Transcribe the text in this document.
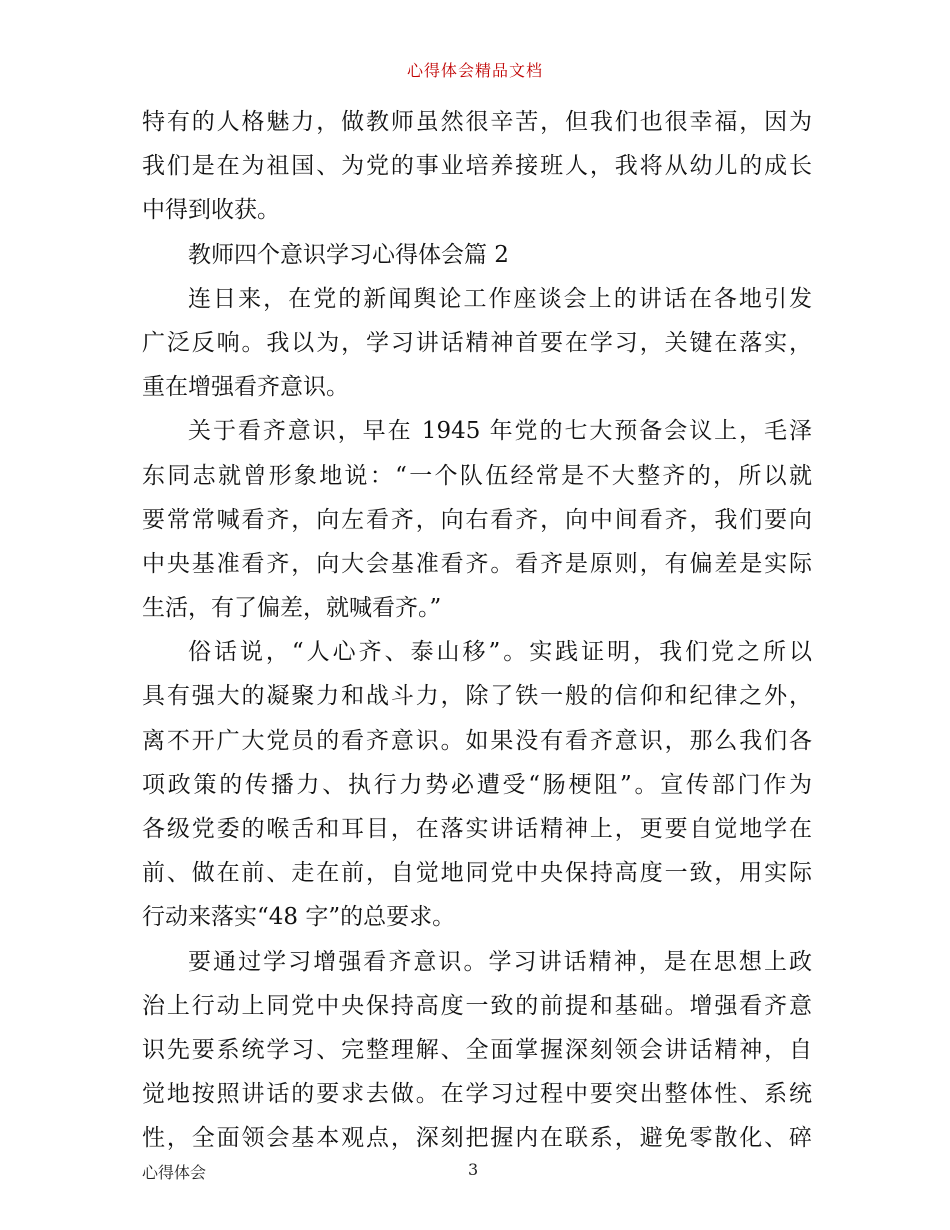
心得体会精品文档
特有的人格魅力，做教师虽然很辛苦，但我们也很幸福，因为
我们是在为祖国、为党的事业培养接班人，我将从幼儿的成长
中得到收获。
教师四个意识学习心得体会篇 2
连日来，在党的新闻舆论工作座谈会上的讲话在各地引发
广泛反响。我以为，学习讲话精神首要在学习，关键在落实，
重在增强看齐意识。
关于看齐意识，早在 1945 年党的七大预备会议上，毛泽
东同志就曾形象地说：“一个队伍经常是不大整齐的，所以就
要常常喊看齐，向左看齐，向右看齐，向中间看齐，我们要向
中央基准看齐，向大会基准看齐。看齐是原则，有偏差是实际
生活，有了偏差，就喊看齐。”
俗话说，“人心齐、泰山移”。实践证明，我们党之所以
具有强大的凝聚力和战斗力，除了铁一般的信仰和纪律之外，
离不开广大党员的看齐意识。如果没有看齐意识，那么我们各
项政策的传播力、执行力势必遭受“肠梗阻”。宣传部门作为
各级党委的喉舌和耳目，在落实讲话精神上，更要自觉地学在
前、做在前、走在前，自觉地同党中央保持高度一致，用实际
行动来落实“48 字”的总要求。
要通过学习增强看齐意识。学习讲话精神，是在思想上政
治上行动上同党中央保持高度一致的前提和基础。增强看齐意
识先要系统学习、完整理解、全面掌握深刻领会讲话精神，自
觉地按照讲话的要求去做。在学习过程中要突出整体性、系统
性，全面领会基本观点，深刻把握内在联系，避免零散化、碎
心得体会	3
